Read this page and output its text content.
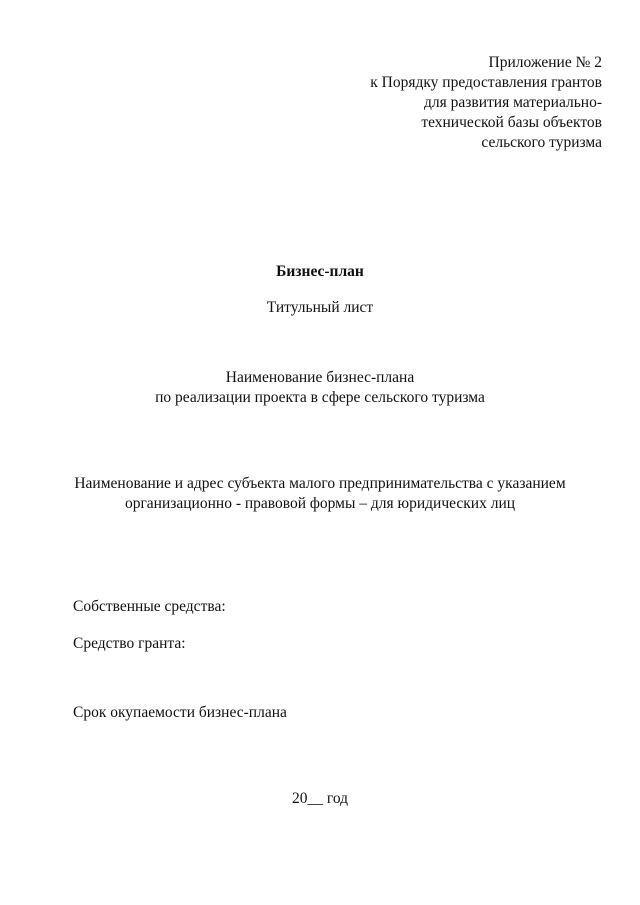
Приложение № 2
к Порядку предоставления грантов
для развития материально-
технической базы объектов
сельского туризма
Бизнес-план
Титульный лист
Наименование бизнес-плана
по реализации проекта в сфере сельского туризма
Наименование и адрес субъекта малого предпринимательства с указанием
организационно - правовой формы – для юридических лиц
Собственные средства:
Средство гранта:
Срок окупаемости бизнес-плана
20__ год
